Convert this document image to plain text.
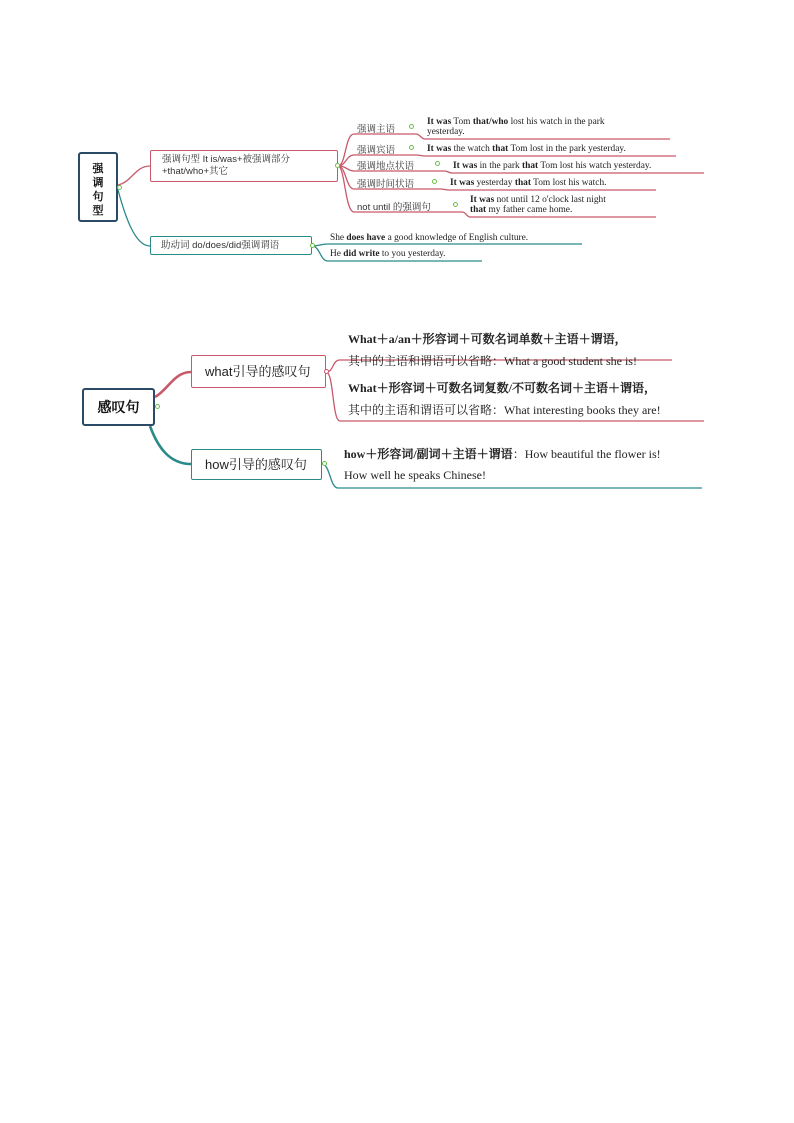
强
调
句
型
强调句型 It is/was+被强调部分
+that/who+其它
强调主语
It was Tom that/who lost his watch in the park
yesterday.
强调宾语	It was the watch that Tom lost in the park yesterday.
强调地点状语	It was in the park that Tom lost his watch yesterday.
强调时间状语	It was yesterday that Tom lost his watch.
not until 的强调句
It was not until 12 o'clock last night
that my father came home.
助动词 do/does/did强调谓语
She does have a good knowledge of English culture.
He did write to you yesterday.
感叹句
what引导的感叹句
What＋a/an＋形容词＋可数名词单数＋主语＋谓语，
其中的主语和谓语可以省略：What a good student she is!
What＋形容词＋可数名词复数/不可数名词＋主语＋谓语，
其中的主语和谓语可以省略：What interesting books they are!
how引导的感叹句
how＋形容词/副词＋主语＋谓语：How beautiful the flower is!
How well he speaks Chinese!
